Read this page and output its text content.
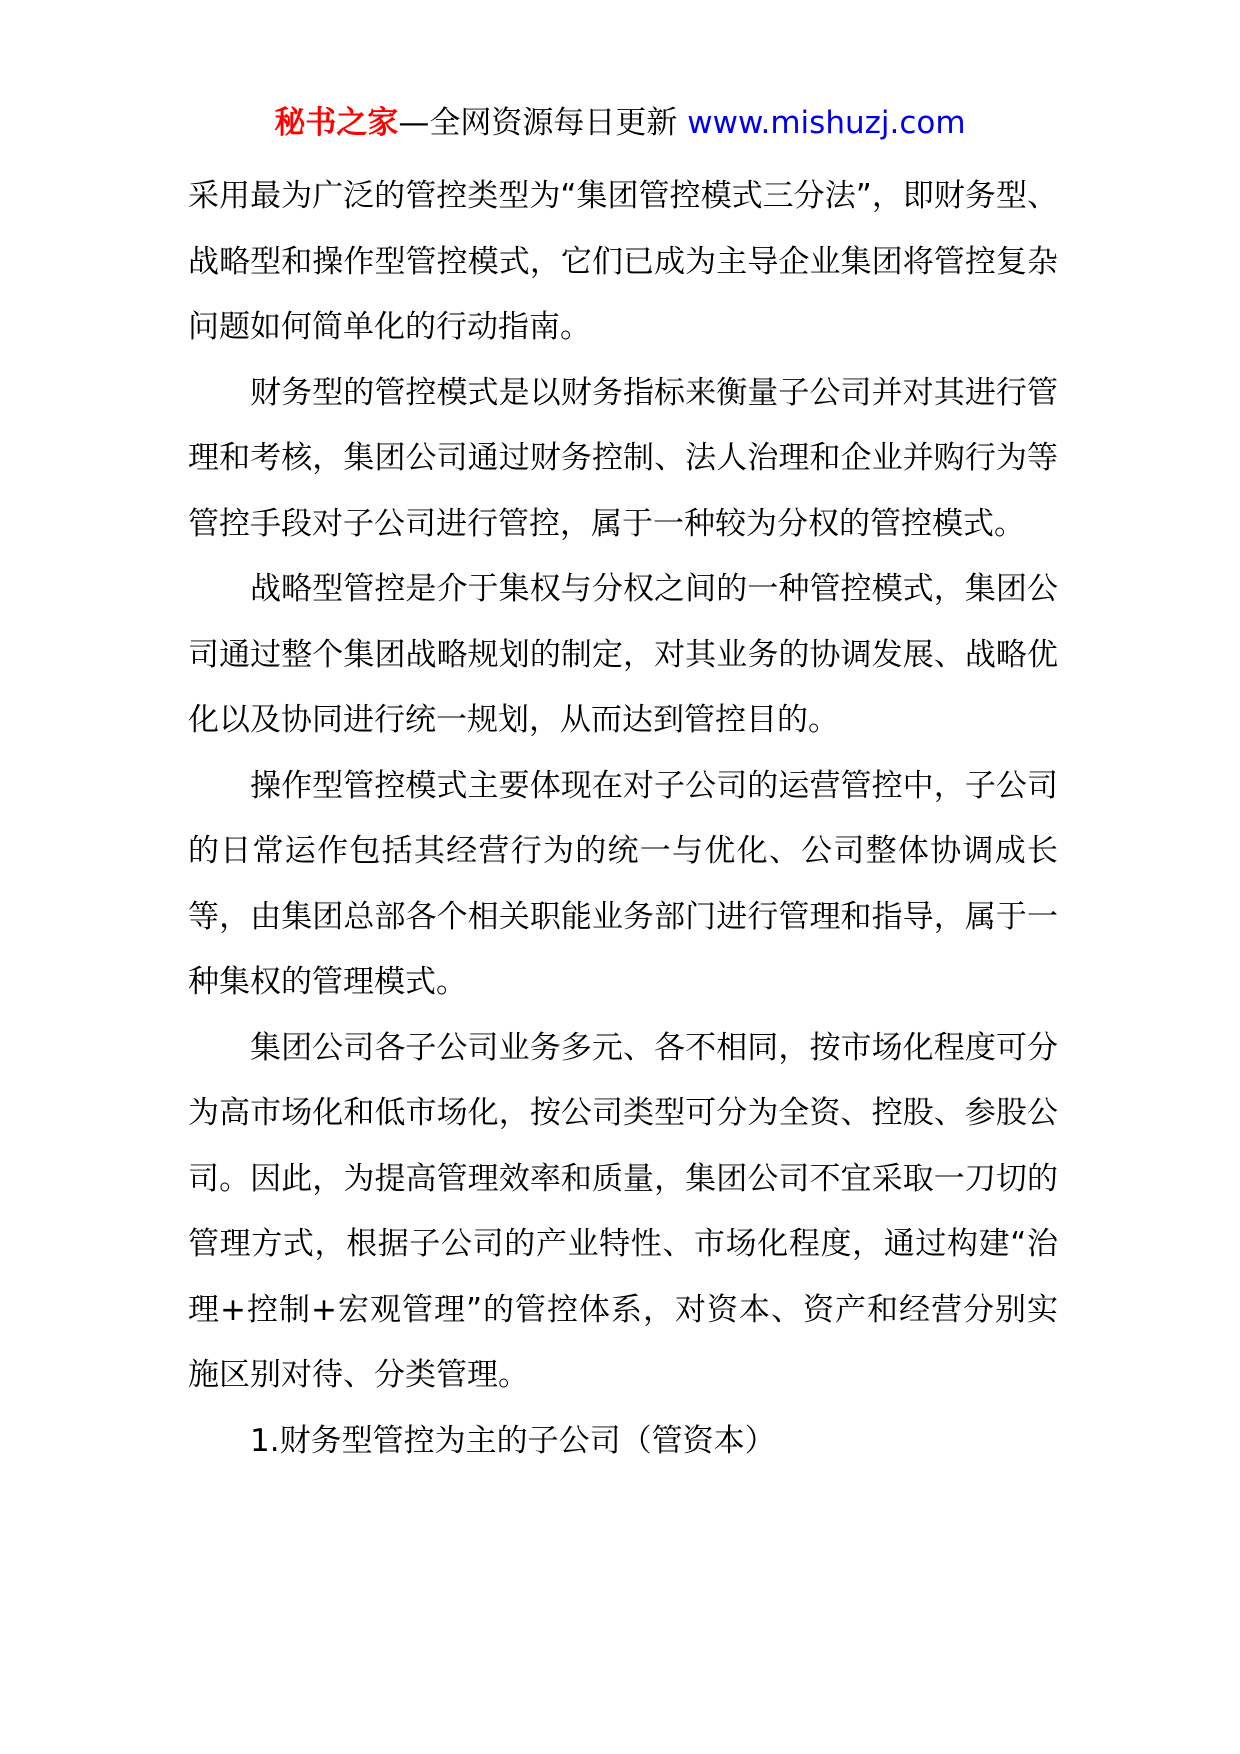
秘书之家—全网资源每日更新 www.mishuzj.com

采用最为广泛的管控类型为“集团管控模式三分法”，即财务型、战略型和操作型管控模式，它们已成为主导企业集团将管控复杂问题如何简单化的行动指南。

财务型的管控模式是以财务指标来衡量子公司并对其进行管理和考核，集团公司通过财务控制、法人治理和企业并购行为等管控手段对子公司进行管控，属于一种较为分权的管控模式。

战略型管控是介于集权与分权之间的一种管控模式，集团公司通过整个集团战略规划的制定，对其业务的协调发展、战略优化以及协同进行统一规划，从而达到管控目的。

操作型管控模式主要体现在对子公司的运营管控中，子公司的日常运作包括其经营行为的统一与优化、公司整体协调成长等，由集团总部各个相关职能业务部门进行管理和指导，属于一种集权的管理模式。

集团公司各子公司业务多元、各不相同，按市场化程度可分为高市场化和低市场化，按公司类型可分为全资、控股、参股公司。因此，为提高管理效率和质量，集团公司不宜采取一刀切的管理方式，根据子公司的产业特性、市场化程度，通过构建“治理+控制+宏观管理”的管控体系，对资本、资产和经营分别实施区别对待、分类管理。

1.财务型管控为主的子公司（管资本）
